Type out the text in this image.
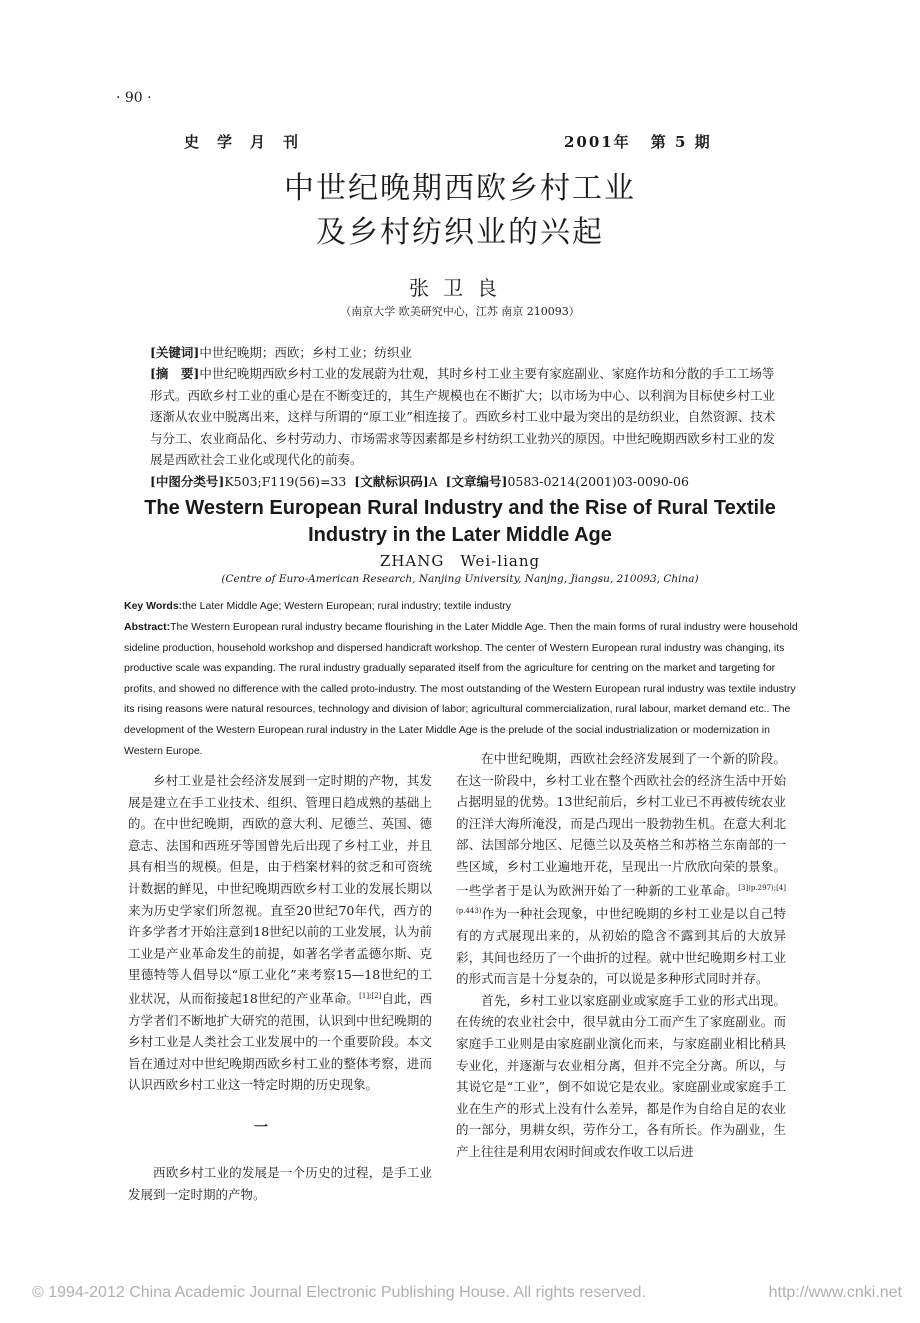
· 90 ·
史学月刊	2001年 第 5 期
中世纪晚期西欧乡村工业
及乡村纺织业的兴起
张卫良
（南京大学 欧美研究中心，江苏 南京 210093）
[关键词]中世纪晚期；西欧；乡村工业；纺织业
[摘　要]中世纪晚期西欧乡村工业的发展蔚为壮观，其时乡村工业主要有家庭副业、家庭作坊和分散的手工工场等形式。西欧乡村工业的重心是在不断变迁的，其生产规模也在不断扩大；以市场为中心、以利润为目标使乡村工业逐渐从农业中脱离出来，这样与所谓的“原工业”相连接了。西欧乡村工业中最为突出的是纺织业，自然资源、技术与分工、农业商品化、乡村劳动力、市场需求等因素都是乡村纺织工业勃兴的原因。中世纪晚期西欧乡村工业的发展是西欧社会工业化或现代化的前奏。
[中图分类号]K503;F119(56)=33 [文献标识码]A [文章编号]0583-0214(2001)03-0090-06
The Western European Rural Industry and the Rise of Rural Textile
Industry in the Later Middle Age
ZHANG　Wei-liang
(Centre of Euro-American Research, Nanjing University, Nanjng, Jiangsu, 210093, China)
Key Words:the Later Middle Age; Western European; rural industry; textile industry
Abstract:The Western European rural industry became flourishing in the Later Middle Age. Then the main forms of rural industry were household sideline production, household workshop and dispersed handicraft workshop. The center of Western European rural industry was changing, its productive scale was expanding. The rural industry gradually separated itself from the agriculture for centring on the market and targeting for profits, and showed no difference with the called proto-industry. The most outstanding of the Western European rural industry was textile industry its rising reasons were natural resources, technology and division of labor; agricultural commercialization, rural labour, market demand etc.. The development of the Western European rural industry in the Later Middle Age is the prelude of the social industrialization or modernization in Western Europe.

乡村工业是社会经济发展到一定时期的产物，其发展是建立在手工业技术、组织、管理日趋成熟的基础上的。在中世纪晚期，西欧的意大利、尼德兰、英国、德意志、法国和西班牙等国曾先后出现了乡村工业，并且具有相当的规模。但是，由于档案材料的贫乏和可资统计数据的鲜见，中世纪晚期西欧乡村工业的发展长期以来为历史学家们所忽视。直至20世纪70年代，西方的许多学者才开始注意到18世纪以前的工业发展，认为前工业是产业革命发生的前提，如著名学者孟德尔斯、克里德特等人倡导以“原工业化”来考察15—18世纪的工业状况，从而衔接起18世纪的产业革命。[1];[2]自此，西方学者们不断地扩大研究的范围，认识到中世纪晚期的乡村工业是人类社会工业发展中的一个重要阶段。本文旨在通过对中世纪晚期西欧乡村工业的整体考察，进而认识西欧乡村工业这一特定时期的历史现象。

一

西欧乡村工业的发展是一个历史的过程，是手工业发展到一定时期的产物。

在中世纪晚期，西欧社会经济发展到了一个新的阶段。在这一阶段中，乡村工业在整个西欧社会的经济生活中开始占据明显的优势。13世纪前后，乡村工业已不再被传统农业的汪洋大海所淹没，而是凸现出一股勃勃生机。在意大利北部、法国部分地区、尼德兰以及英格兰和苏格兰东南部的一些区域，乡村工业遍地开花，呈现出一片欣欣向荣的景象。一些学者于是认为欧洲开始了一种新的工业革命。$^{[3](p.297);[4](p.443)}$作为一种社会现象，中世纪晚期的乡村工业是以自己特有的方式展现出来的，从初始的隐含不露到其后的大放异彩，其间也经历了一个曲折的过程。就中世纪晚期乡村工业的形式而言是十分复杂的，可以说是多种形式同时并存。

首先，乡村工业以家庭副业或家庭手工业的形式出现。在传统的农业社会中，很早就由分工而产生了家庭副业。而家庭手工业则是由家庭副业演化而来，与家庭副业相比稍具专业化，并逐渐与农业相分离，但并不完全分离。所以，与其说它是“工业”，倒不如说它是农业。家庭副业或家庭手工业在生产的形式上没有什么差异，都是作为自给自足的农业的一部分，男耕女织，劳作分工，各有所长。作为副业，生产上往往是利用农闲时间或农作收工以后进

© 1994-2012 China Academic Journal Electronic Publishing House. All rights reserved.	http://www.cnki.net
